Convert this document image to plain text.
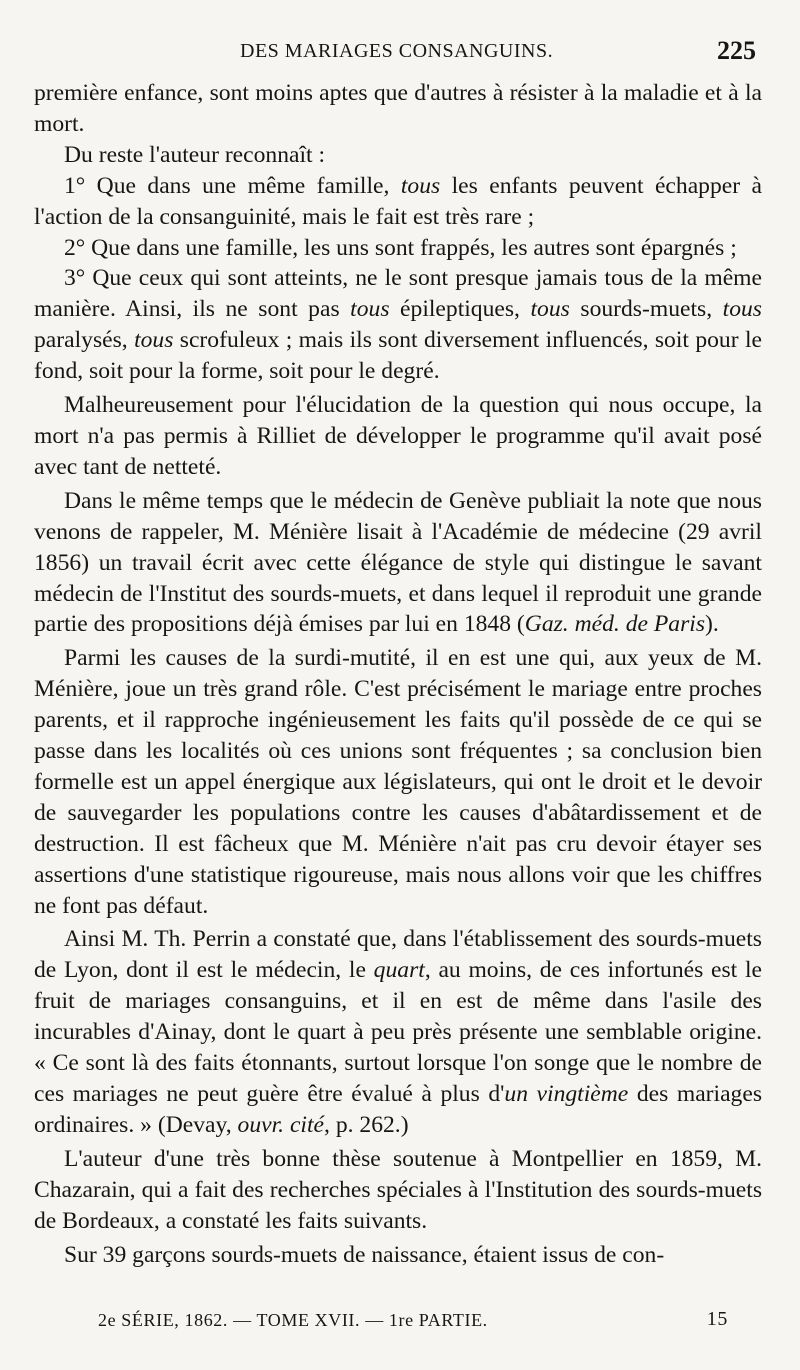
DES MARIAGES CONSANGUINS.	225

première enfance, sont moins aptes que d'autres à résister à la maladie et à la mort.

Du reste l'auteur reconnaît :

1° Que dans une même famille, tous les enfants peuvent échapper à l'action de la consanguinité, mais le fait est très rare ;

2° Que dans une famille, les uns sont frappés, les autres sont épargnés ;

3° Que ceux qui sont atteints, ne le sont presque jamais tous de la même manière. Ainsi, ils ne sont pas tous épileptiques, tous sourds-muets, tous paralysés, tous scrofuleux ; mais ils sont diversement influencés, soit pour le fond, soit pour la forme, soit pour le degré.

Malheureusement pour l'élucidation de la question qui nous occupe, la mort n'a pas permis à Rilliet de développer le programme qu'il avait posé avec tant de netteté.

Dans le même temps que le médecin de Genève publiait la note que nous venons de rappeler, M. Ménière lisait à l'Académie de médecine (29 avril 1856) un travail écrit avec cette élégance de style qui distingue le savant médecin de l'Institut des sourds-muets, et dans lequel il reproduit une grande partie des propositions déjà émises par lui en 1848 (Gaz. méd. de Paris).

Parmi les causes de la surdi-mutité, il en est une qui, aux yeux de M. Ménière, joue un très grand rôle. C'est précisément le mariage entre proches parents, et il rapproche ingénieusement les faits qu'il possède de ce qui se passe dans les localités où ces unions sont fréquentes ; sa conclusion bien formelle est un appel énergique aux législateurs, qui ont le droit et le devoir de sauvegarder les populations contre les causes d'abâtardissement et de destruction. Il est fâcheux que M. Ménière n'ait pas cru devoir étayer ses assertions d'une statistique rigoureuse, mais nous allons voir que les chiffres ne font pas défaut.

Ainsi M. Th. Perrin a constaté que, dans l'établissement des sourds-muets de Lyon, dont il est le médecin, le quart, au moins, de ces infortunés est le fruit de mariages consanguins, et il en est de même dans l'asile des incurables d'Ainay, dont le quart à peu près présente une semblable origine. « Ce sont là des faits étonnants, surtout lorsque l'on songe que le nombre de ces mariages ne peut guère être évalué à plus d'un vingtième des mariages ordinaires. » (Devay, ouvr. cité, p. 262.)

L'auteur d'une très bonne thèse soutenue à Montpellier en 1859, M. Chazarain, qui a fait des recherches spéciales à l'Institution des sourds-muets de Bordeaux, a constaté les faits suivants.

Sur 39 garçons sourds-muets de naissance, étaient issus de con-

2e SÉRIE, 1862. — TOME XVII. — 1re PARTIE.	15
